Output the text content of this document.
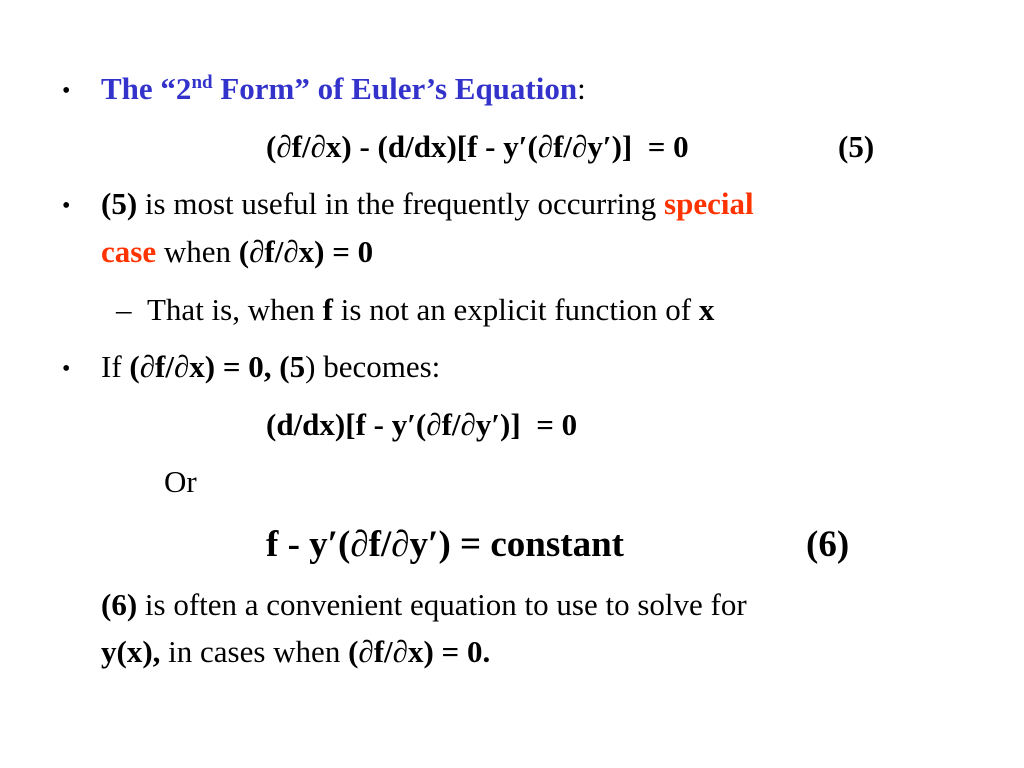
• The “2nd Form” of Euler’s Equation:
(∂f/∂x) - (d/dx)[f - y′(∂f/∂y′)]  = 0	(5)
• (5) is most useful in the frequently occurring special
case when (∂f/∂x) = 0
– That is, when f is not an explicit function of x
• If (∂f/∂x) = 0, (5) becomes:
(d/dx)[f - y′(∂f/∂y′)]  = 0
Or
f - y′(∂f/∂y′) = constant	(6)
(6) is often a convenient equation to use to solve for
y(x), in cases when (∂f/∂x) = 0.
